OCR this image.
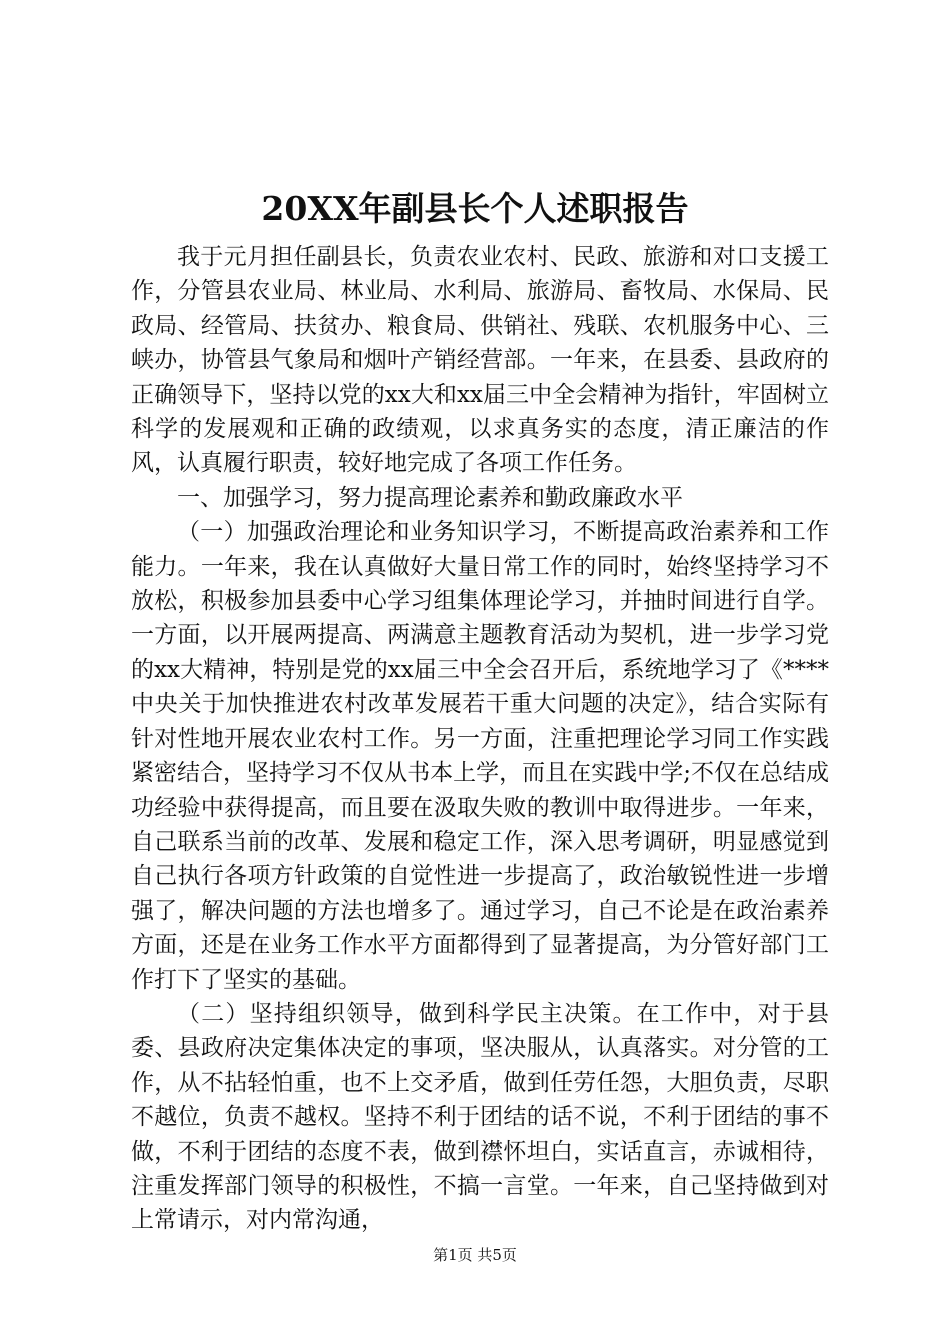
20XX年副县长个人述职报告

我于元月担任副县长，负责农业农村、民政、旅游和对口支援工作，分管县农业局、林业局、水利局、旅游局、畜牧局、水保局、民政局、经管局、扶贫办、粮食局、供销社、残联、农机服务中心、三峡办，协管县气象局和烟叶产销经营部。一年来，在县委、县政府的正确领导下，坚持以党的xx大和xx届三中全会精神为指针，牢固树立科学的发展观和正确的政绩观，以求真务实的态度，清正廉洁的作风，认真履行职责，较好地完成了各项工作任务。

一、加强学习，努力提高理论素养和勤政廉政水平

（一）加强政治理论和业务知识学习，不断提高政治素养和工作能力。一年来，我在认真做好大量日常工作的同时，始终坚持学习不放松，积极参加县委中心学习组集体理论学习，并抽时间进行自学。一方面，以开展两提高、两满意主题教育活动为契机，进一步学习党的xx大精神，特别是党的xx届三中全会召开后，系统地学习了《****中央关于加快推进农村改革发展若干重大问题的决定》，结合实际有针对性地开展农业农村工作。另一方面，注重把理论学习同工作实践紧密结合，坚持学习不仅从书本上学，而且在实践中学;不仅在总结成功经验中获得提高，而且要在汲取失败的教训中取得进步。一年来，自己联系当前的改革、发展和稳定工作，深入思考调研，明显感觉到自己执行各项方针政策的自觉性进一步提高了，政治敏锐性进一步增强了，解决问题的方法也增多了。通过学习，自己不论是在政治素养方面，还是在业务工作水平方面都得到了显著提高，为分管好部门工作打下了坚实的基础。

（二）坚持组织领导，做到科学民主决策。在工作中，对于县委、县政府决定集体决定的事项，坚决服从，认真落实。对分管的工作，从不拈轻怕重，也不上交矛盾，做到任劳任怨，大胆负责，尽职不越位，负责不越权。坚持不利于团结的话不说，不利于团结的事不做，不利于团结的态度不表，做到襟怀坦白，实话直言，赤诚相待，注重发挥部门领导的积极性，不搞一言堂。一年来，自己坚持做到对上常请示，对内常沟通，

第1页 共5页
